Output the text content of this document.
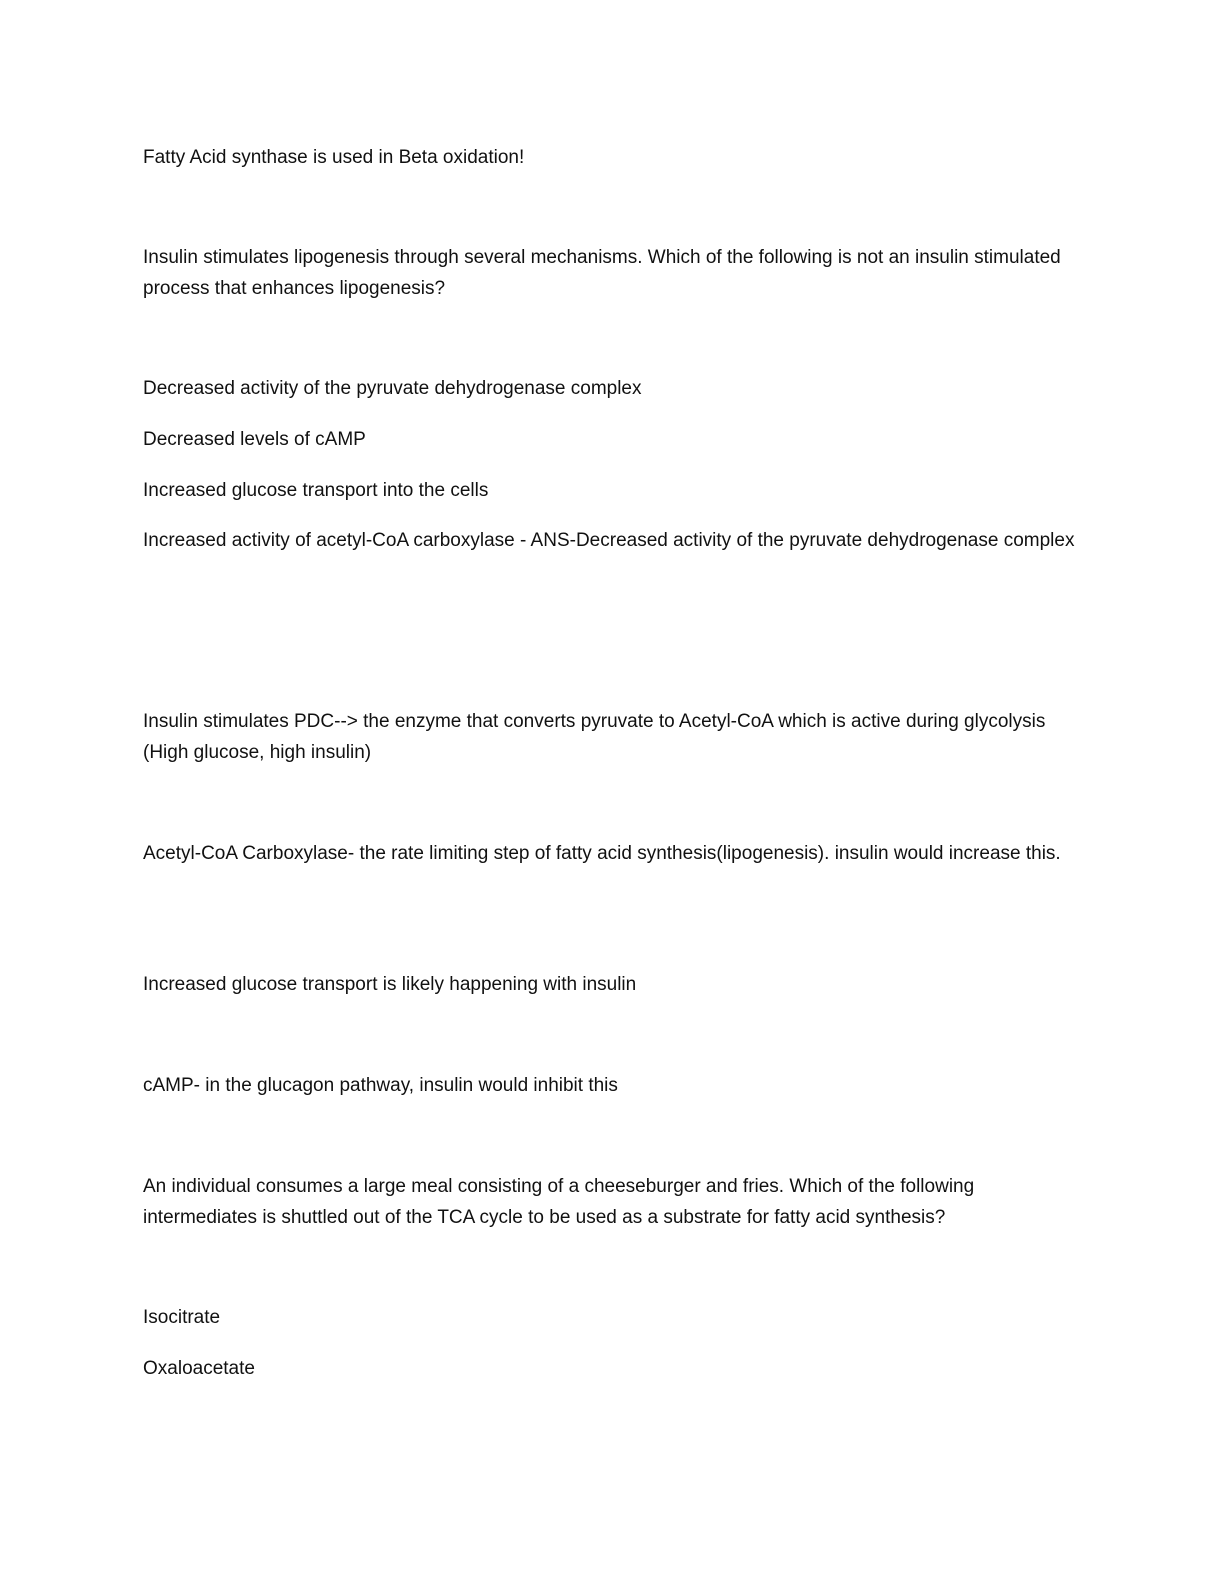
Fatty Acid synthase is used in Beta oxidation!
Insulin stimulates lipogenesis through several mechanisms. Which of the following is not an insulin stimulated process that enhances lipogenesis?
Decreased activity of the pyruvate dehydrogenase complex
Decreased levels of cAMP
Increased glucose transport into the cells
Increased activity of acetyl-CoA carboxylase - ANS-Decreased activity of the pyruvate dehydrogenase complex
Insulin stimulates PDC--> the enzyme that converts pyruvate to Acetyl-CoA which is active during glycolysis (High glucose, high insulin)
Acetyl-CoA Carboxylase- the rate limiting step of fatty acid synthesis(lipogenesis). insulin would increase this.
Increased glucose transport is likely happening with insulin
cAMP- in the glucagon pathway, insulin would inhibit this
An individual consumes a large meal consisting of a cheeseburger and fries. Which of the following intermediates is shuttled out of the TCA cycle to be used as a substrate for fatty acid synthesis?
Isocitrate
Oxaloacetate
